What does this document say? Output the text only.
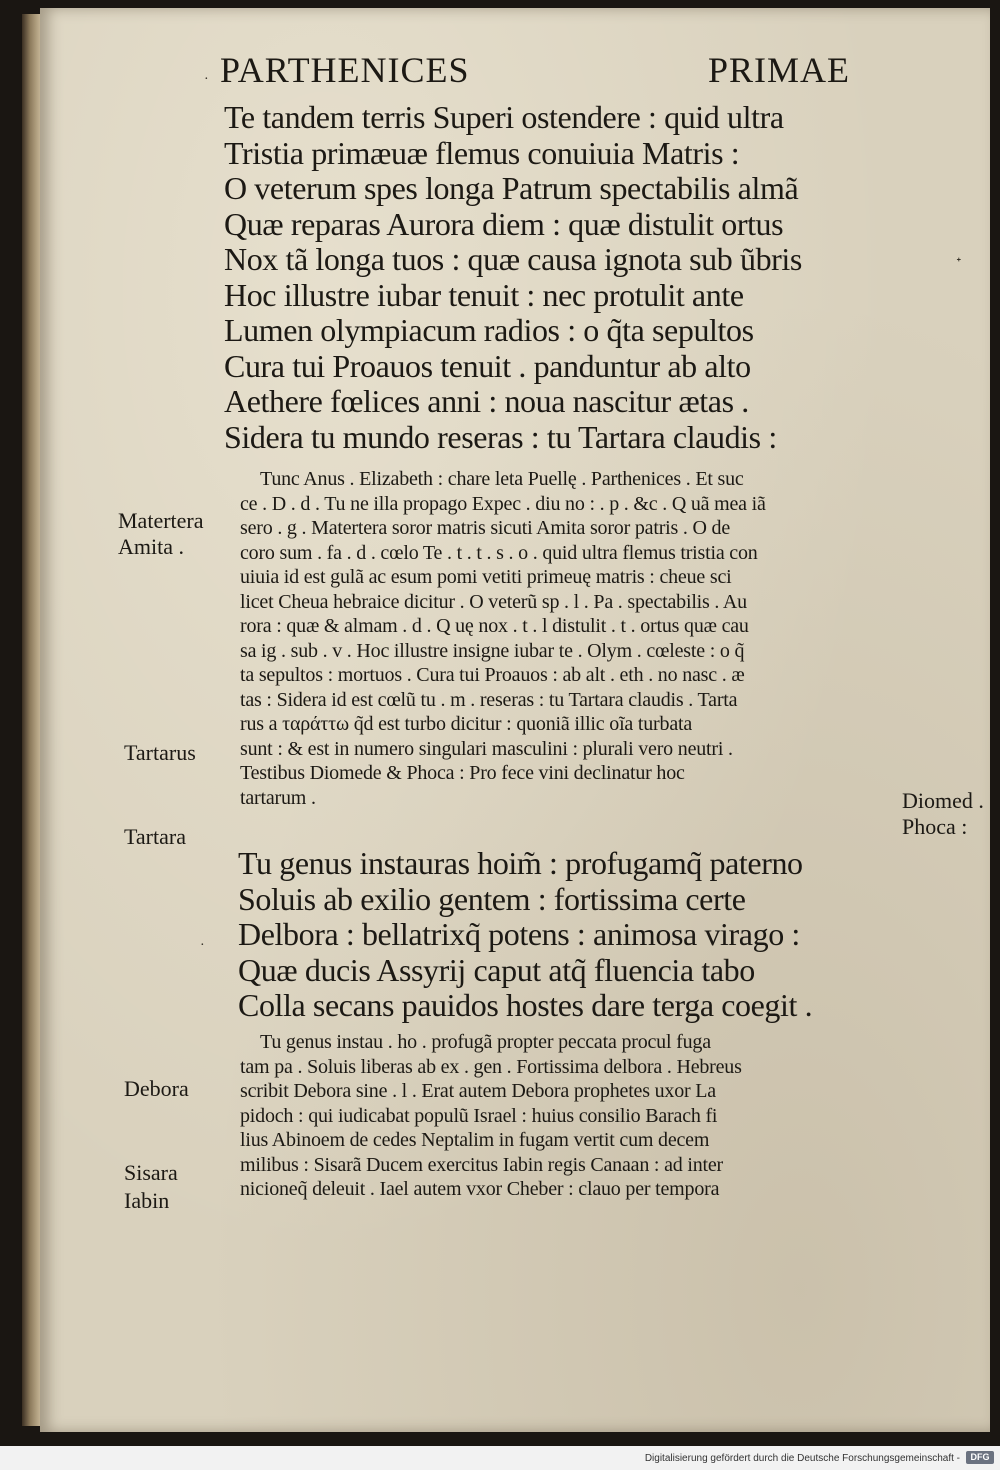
PARTHENICES	PRIMAE
Te tandem terris Superi ostendere : quid ultra
Tristia primæuæ flemus conuiuia Matris :
O veterum spes longa Patrum spectabilis almã
Quæ reparas Aurora diem : quæ distulit ortus
Nox tã longa tuos : quæ causa ignota sub ũbris
Hoc illustre iubar tenuit : nec protulit ante
Lumen olympiacum radios : o q̃ta sepultos
Cura tui Proauos tenuit . panduntur ab alto
Aethere fœlices anni : noua nascitur ætas .
Sidera tu mundo reseras : tu Tartara claudis :
Tunc Anus . Elizabeth : chare leta Puellę . Parthenices . Et suc
ce . D . d . Tu ne illa propago Expec . diu no : . p . &c . Q uã mea iã
sero . g . Matertera soror matris sicuti Amita soror patris . O de
coro sum . fa . d . cœlo Te . t . t . s . o . quid ultra flemus tristia con
uiuia id est gulã ac esum pomi vetiti primeuę matris : cheue sci
licet Cheua hebraice dicitur . O veterũ sp . l . Pa . spectabilis . Au
rora : quæ & almam . d . Q uę nox . t . l distulit . t . ortus quæ cau
sa ig . sub . v . Hoc illustre insigne iubar te . Olym . cœleste : o q̃
ta sepultos : mortuos . Cura tui Proauos : ab alt . eth . no nasc . æ
tas : Sidera id est cœlũ tu . m . reseras : tu Tartara claudis . Tarta
rus a ταράττω q̃d est turbo dicitur : quoniã illic oĩa turbata
sunt : & est in numero singulari masculini : plurali vero neutri .
Testibus Diomede & Phoca : Pro fece vini declinatur hoc
tartarum .
Tu genus instauras hoim̃ : profugamq̃ paterno
Soluis ab exilio gentem : fortissima certe
Delbora : bellatrixq̃ potens : animosa virago :
Quæ ducis Assyrij caput atq̃ fluencia tabo
Colla secans pauidos hostes dare terga coegit .
Tu genus instau . ho . profugã propter peccata procul fuga
tam pa . Soluis liberas ab ex . gen . Fortissima delbora . Hebreus
scribit Debora sine . l . Erat autem Debora prophetes uxor La
pidoch : qui iudicabat populũ Israel : huius consilio Barach fi
lius Abinoem de cedes Neptalim in fugam vertit cum decem
milibus : Sisarã Ducem exercitus Iabin regis Canaan : ad inter
nicioneq̃ deleuit . Iael autem vxor Cheber : clauo per tempora
Matertera
Amita .
Tartarus
Tartara
Diomed .
Phoca :
Debora
Sisara
Iabin
·
ᐩ
·
Digitalisierung gefördert durch die Deutsche Forschungsgemeinschaft -	DFG
